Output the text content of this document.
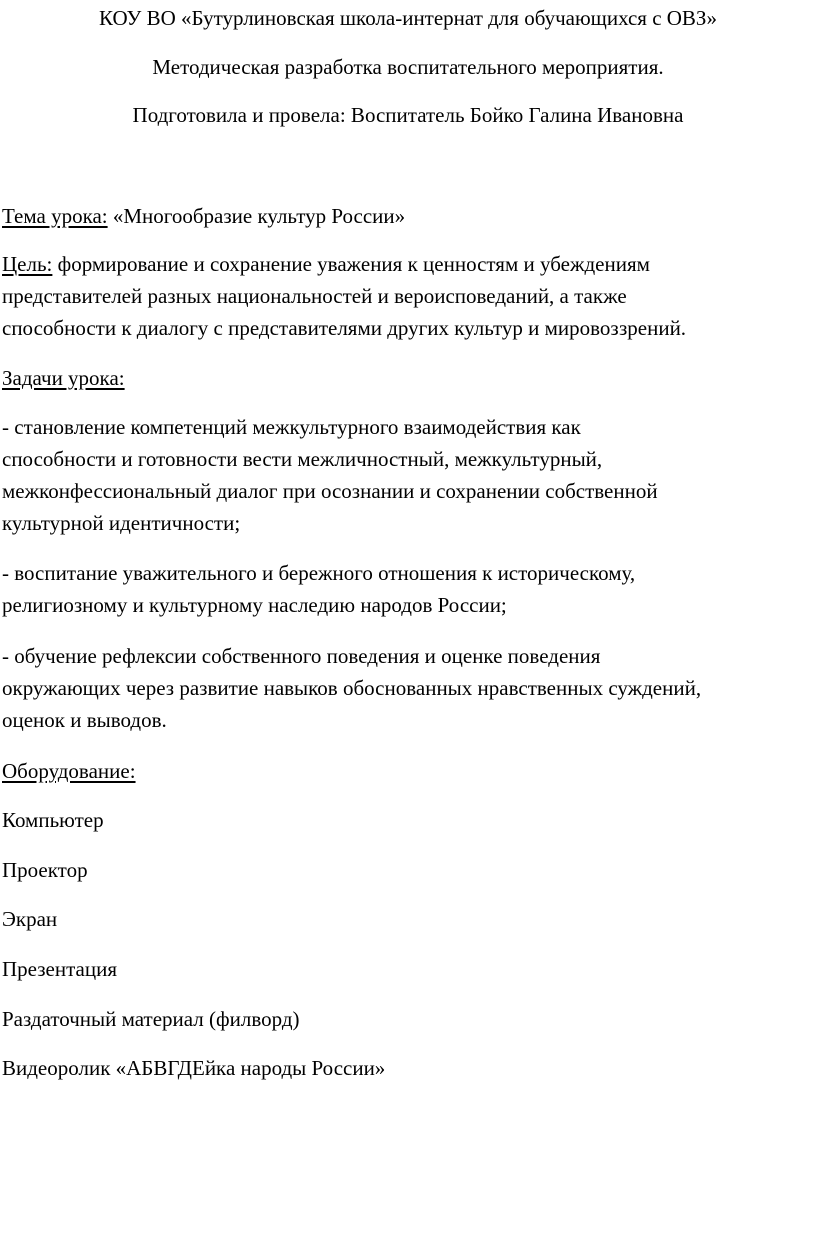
КОУ ВО «Бутурлиновская школа-интернат для обучающихся с ОВЗ»

Методическая разработка воспитательного мероприятия.

Подготовила и провела: Воспитатель Бойко Галина Ивановна

Тема урока: «Многообразие культур России»

Цель: формирование и сохранение уважения к ценностям и убеждениям
представителей разных национальностей и вероисповеданий, а также
способности к диалогу с представителями других культур и мировоззрений.

Задачи урока:

- становление компетенций межкультурного взаимодействия как
способности и готовности вести межличностный, межкультурный,
межконфессиональный диалог при осознании и сохранении собственной
культурной идентичности;
- воспитание уважительного и бережного отношения к историческому,
религиозному и культурному наследию народов России;
- обучение рефлексии собственного поведения и оценке поведения
окружающих через развитие навыков обоснованных нравственных суждений,
оценок и выводов.

Оборудование:

Компьютер

Проектор

Экран

Презентация

Раздаточный материал (филворд)

Видеоролик «АБВГДЕйка народы России»
